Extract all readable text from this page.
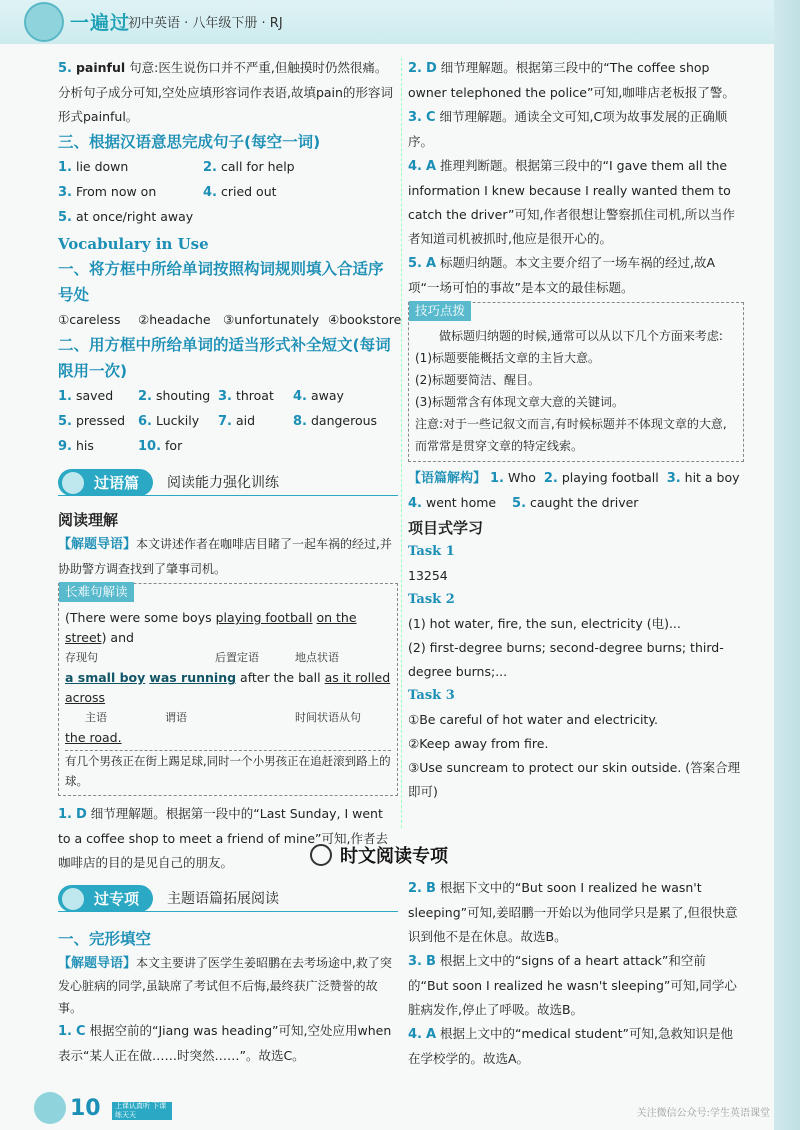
一遍过
初中英语 · 八年级下册 · RJ
5. painful 句意:医生说伤口并不严重,但触摸时仍然很痛。分析句子成分可知,空处应填形容词作表语,故填pain的形容词形式painful。
三、根据汉语意思完成句子(每空一词)
1. lie down	2. call for help
3. From now on	4. cried out
5. at once/right away
Vocabulary in Use
一、将方框中所给单词按照构词规则填入合适序号处
①careless	②headache ③unfortunately ④bookstore
二、用方框中所给单词的适当形式补全短文(每词限用一次)
1. saved	2. shouting 3. throat	4. away
5. pressed 6. Luckily	7. aid	8. dangerous
9. his	10. for
过语篇	阅读能力强化训练
阅读理解
【解题导语】本文讲述作者在咖啡店目睹了一起车祸的经过,并协助警方调查找到了肇事司机。
长难句解读
(There were some boys playing football on the street) and
存现句	后置定语	地点状语
a small boy was running after the ball as it rolled across
主语	谓语	时间状语从句
the road.
有几个男孩正在街上踢足球,同时一个小男孩正在追赶滚到路上的球。
1. D 细节理解题。根据第一段中的“Last Sunday, I went to a coffee shop to meet a friend of mine”可知,作者去咖啡店的目的是见自己的朋友。
2. D 细节理解题。根据第三段中的“The coffee shop owner telephoned the police”可知,咖啡店老板报了警。
3. C 细节理解题。通读全文可知,C项为故事发展的正确顺序。
4. A 推理判断题。根据第三段中的“I gave them all the information I knew because I really wanted them to catch the driver”可知,作者很想让警察抓住司机,所以当作者知道司机被抓时,他应是很开心的。
5. A 标题归纳题。本文主要介绍了一场车祸的经过,故A项“一场可怕的事故”是本文的最佳标题。
技巧点拨
做标题归纳题的时候,通常可以从以下几个方面来考虑:
(1)标题要能概括文章的主旨大意。
(2)标题要简洁、醒目。
(3)标题常含有体现文章大意的关键词。
注意:对于一些记叙文而言,有时候标题并不体现文章的大意,而常常是贯穿文章的特定线索。
【语篇解构】 1. Who 2. playing football 3. hit a boy
4. went home 5. caught the driver
项目式学习
Task 1
13254
Task 2
(1) hot water, fire, the sun, electricity (电)...
(2) first-degree burns; second-degree burns; third-degree burns;...
Task 3
①Be careful of hot water and electricity.
②Keep away from fire.
③Use suncream to protect our skin outside. (答案合理即可)
时文阅读专项
过专项	主题语篇拓展阅读
一、完形填空
【解题导语】本文主要讲了医学生姜昭鹏在去考场途中,救了突发心脏病的同学,虽缺席了考试但不后悔,最终获广泛赞誉的故事。
1. C 根据空前的“Jiang was heading”可知,空处应用when表示“某人正在做……时突然……”。故选C。
2. B 根据下文中的“But soon I realized he wasn't sleeping”可知,姜昭鹏一开始以为他同学只是累了,但很快意识到他不是在休息。故选B。
3. B 根据上文中的“signs of a heart attack”和空前的“But soon I realized he wasn't sleeping”可知,同学心脏病发作,停止了呼吸。故选B。
4. A 根据上文中的“medical student”可知,急救知识是他在学校学的。故选A。
10	上课认真听 下课练天天	关注微信公众号:学生英语课堂
